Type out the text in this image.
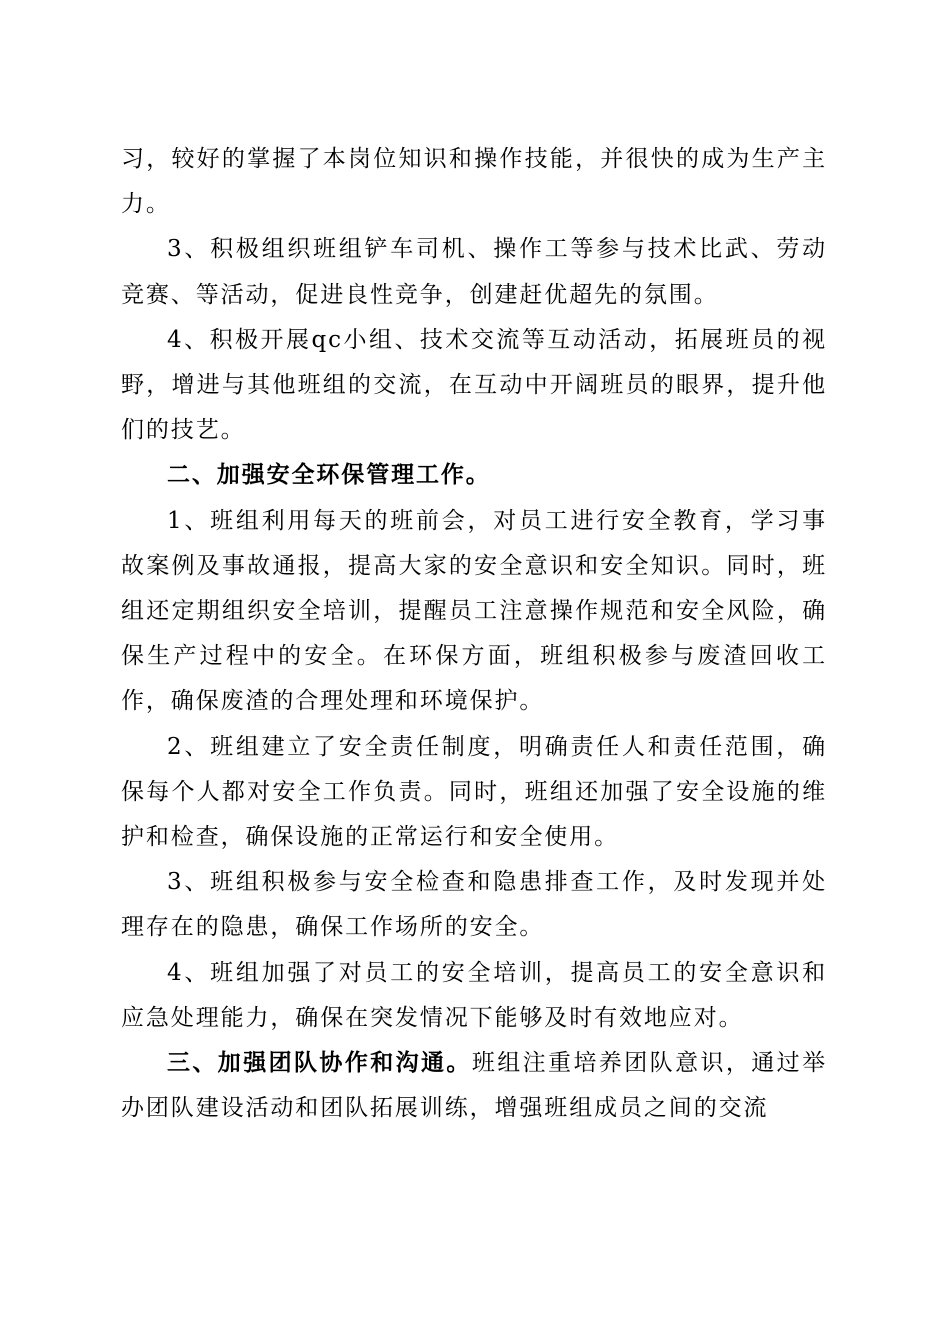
习，较好的掌握了本岗位知识和操作技能，并很快的成为生产主力。

3、积极组织班组铲车司机、操作工等参与技术比武、劳动竞赛、等活动，促进良性竞争，创建赶优超先的氛围。

4、积极开展qc小组、技术交流等互动活动，拓展班员的视野，增进与其他班组的交流，在互动中开阔班员的眼界，提升他们的技艺。

二、加强安全环保管理工作。

1、班组利用每天的班前会，对员工进行安全教育，学习事故案例及事故通报，提高大家的安全意识和安全知识。同时，班组还定期组织安全培训，提醒员工注意操作规范和安全风险，确保生产过程中的安全。在环保方面，班组积极参与废渣回收工作，确保废渣的合理处理和环境保护。

2、班组建立了安全责任制度，明确责任人和责任范围，确保每个人都对安全工作负责。同时，班组还加强了安全设施的维护和检查，确保设施的正常运行和安全使用。

3、班组积极参与安全检查和隐患排查工作，及时发现并处理存在的隐患，确保工作场所的安全。

4、班组加强了对员工的安全培训，提高员工的安全意识和应急处理能力，确保在突发情况下能够及时有效地应对。

三、加强团队协作和沟通。班组注重培养团队意识，通过举办团队建设活动和团队拓展训练，增强班组成员之间的交流
